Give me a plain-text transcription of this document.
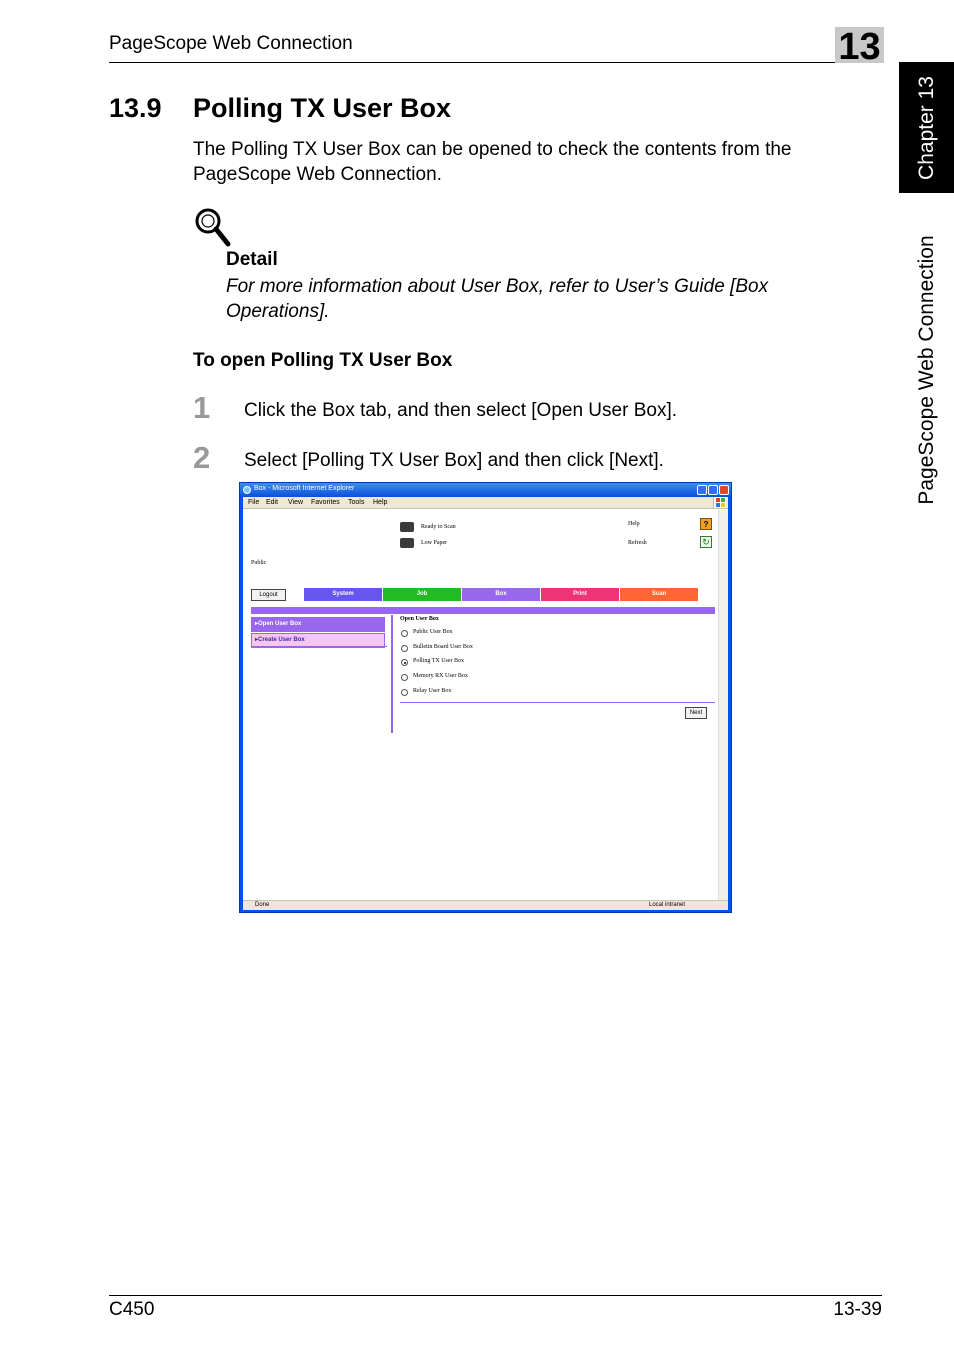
PageScope Web Connection	13
Chapter 13
PageScope Web Connection
13.9 Polling TX User Box
The Polling TX User Box can be opened to check the contents from the PageScope Web Connection.
Detail
For more information about User Box, refer to User’s Guide [Box Operations].
To open Polling TX User Box
1 Click the Box tab, and then select [Open User Box].
2 Select [Polling TX User Box] and then click [Next].
Box - Microsoft Internet Explorer
File Edit View Favorites Tools Help
Ready to Scan
Low Paper
Help	?
Refresh	↻
Public
Logout	System	Job	Box	Print	Scan
▸Open User Box
▸Create User Box
Open User Box
Public User Box
Bulletin Board User Box
Polling TX User Box
Memory RX User Box
Relay User Box
Next
Done	Local intranet
C450	13-39
